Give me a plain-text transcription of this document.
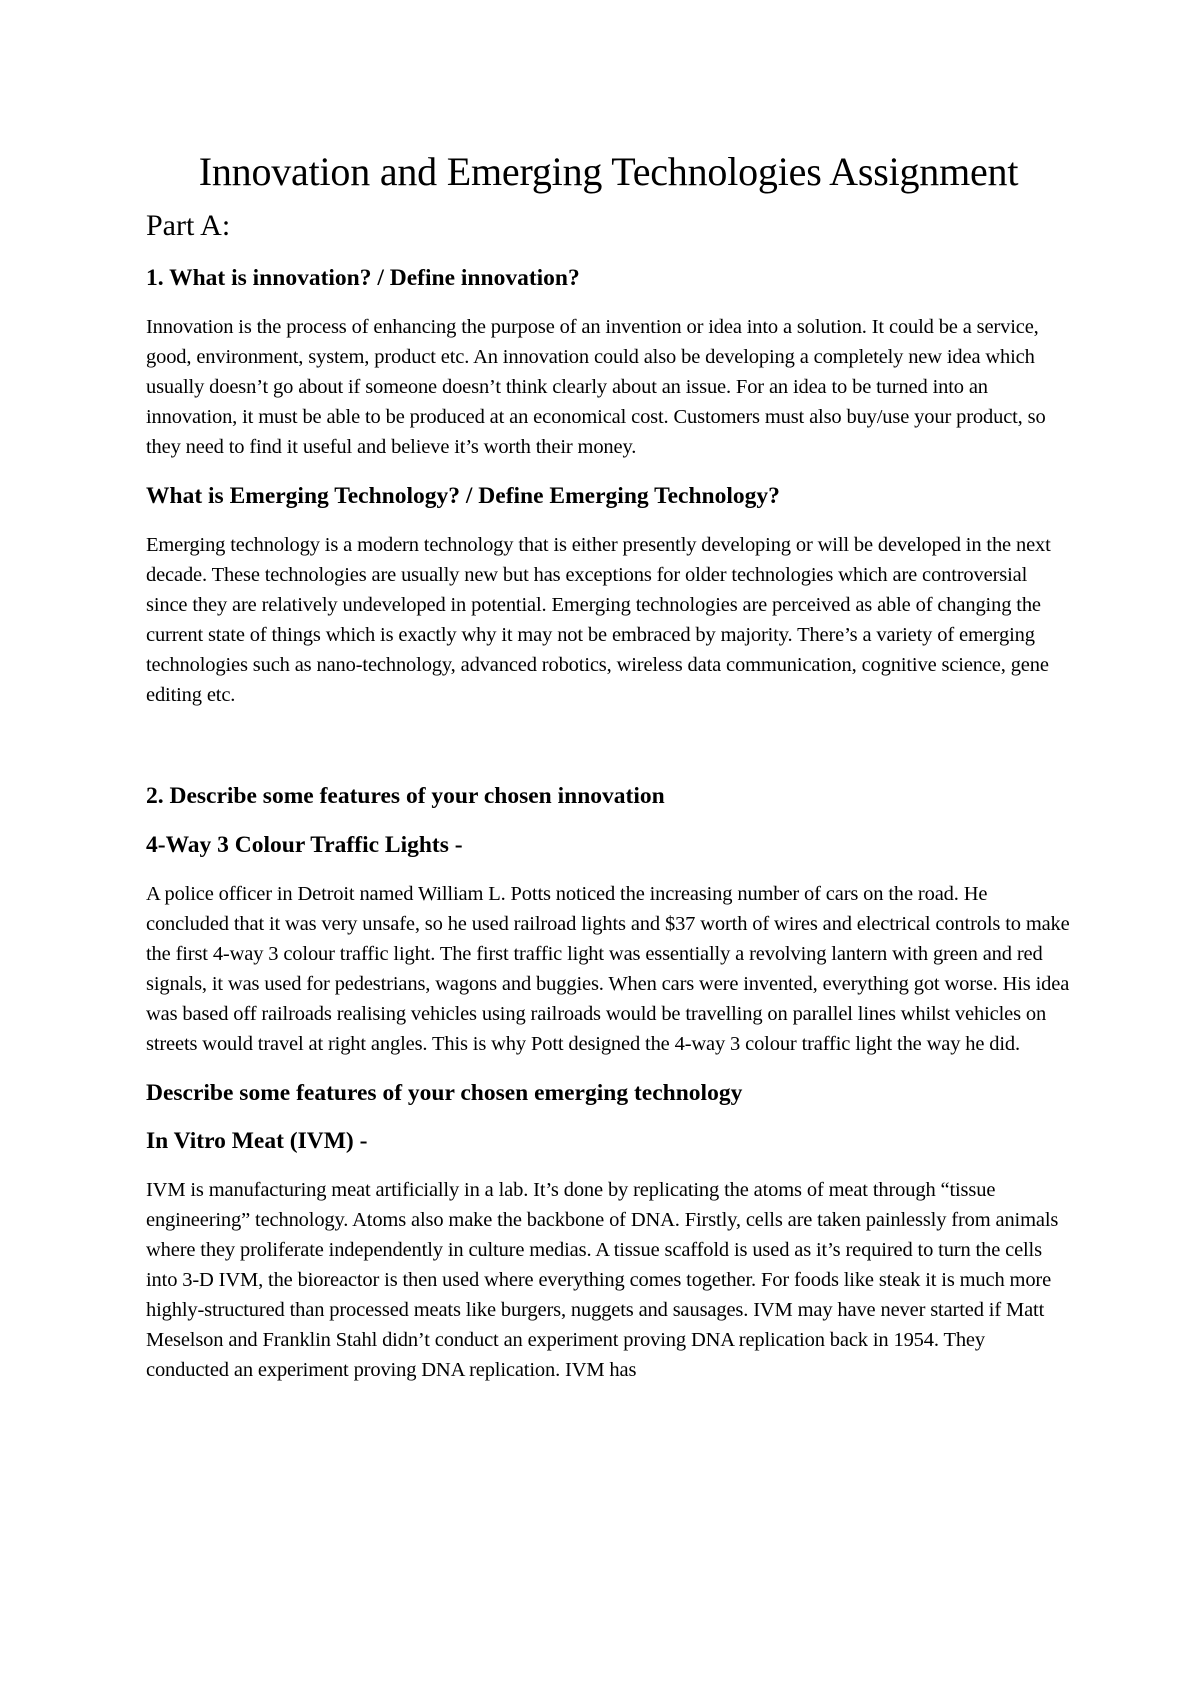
Innovation and Emerging Technologies Assignment
Part A:
1. What is innovation? / Define innovation?

Innovation is the process of enhancing the purpose of an invention or idea into a solution. It could be a service, good, environment, system, product etc. An innovation could also be developing a completely new idea which usually doesn’t go about if someone doesn’t think clearly about an issue. For an idea to be turned into an innovation, it must be able to be produced at an economical cost. Customers must also buy/use your product, so they need to find it useful and believe it’s worth their money.

What is Emerging Technology? / Define Emerging Technology?

Emerging technology is a modern technology that is either presently developing or will be developed in the next decade. These technologies are usually new but has exceptions for older technologies which are controversial since they are relatively undeveloped in potential. Emerging technologies are perceived as able of changing the current state of things which is exactly why it may not be embraced by majority. There’s a variety of emerging technologies such as nano-technology, advanced robotics, wireless data communication, cognitive science, gene editing etc.

2. Describe some features of your chosen innovation
4-Way 3 Colour Traffic Lights -

A police officer in Detroit named William L. Potts noticed the increasing number of cars on the road. He concluded that it was very unsafe, so he used railroad lights and $37 worth of wires and electrical controls to make the first 4-way 3 colour traffic light. The first traffic light was essentially a revolving lantern with green and red signals, it was used for pedestrians, wagons and buggies. When cars were invented, everything got worse. His idea was based off railroads realising vehicles using railroads would be travelling on parallel lines whilst vehicles on streets would travel at right angles. This is why Pott designed the 4-way 3 colour traffic light the way he did.

Describe some features of your chosen emerging technology
In Vitro Meat (IVM) -

IVM is manufacturing meat artificially in a lab. It’s done by replicating the atoms of meat through “tissue engineering” technology. Atoms also make the backbone of DNA. Firstly, cells are taken painlessly from animals where they proliferate independently in culture medias. A tissue scaffold is used as it’s required to turn the cells into 3-D IVM, the bioreactor is then used where everything comes together. For foods like steak it is much more highly-structured than processed meats like burgers, nuggets and sausages. IVM may have never started if Matt Meselson and Franklin Stahl didn’t conduct an experiment proving DNA replication back in 1954. They conducted an experiment proving DNA replication. IVM has
